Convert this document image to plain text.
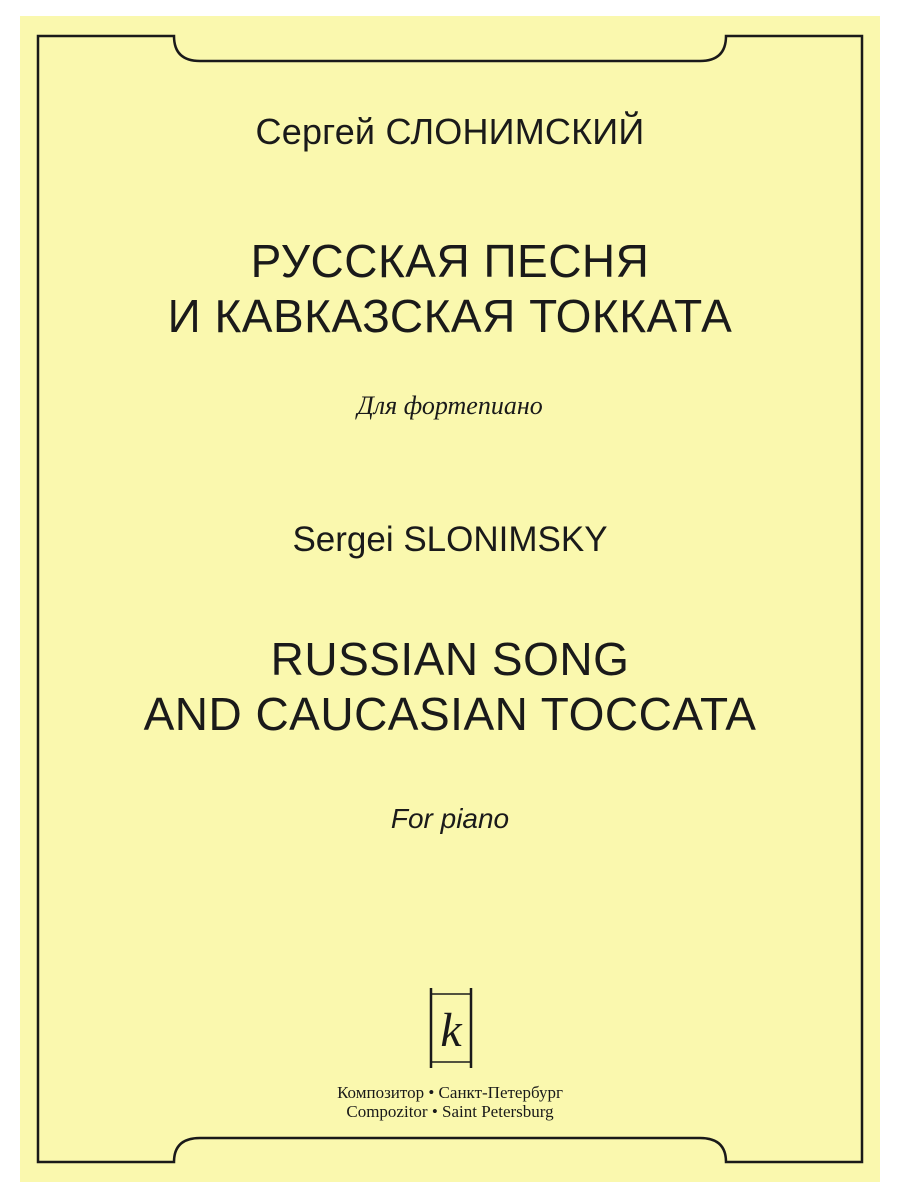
Сергей СЛОНИМСКИЙ
РУССКАЯ ПЕСНЯ
И КАВКАЗСКАЯ ТОККАТА
Для фортепиано
Sergei SLONIMSKY
RUSSIAN SONG
AND CAUCASIAN TOCCATA
For piano
k
Композитор • Санкт-Петербург
Compozitor • Saint Petersburg
